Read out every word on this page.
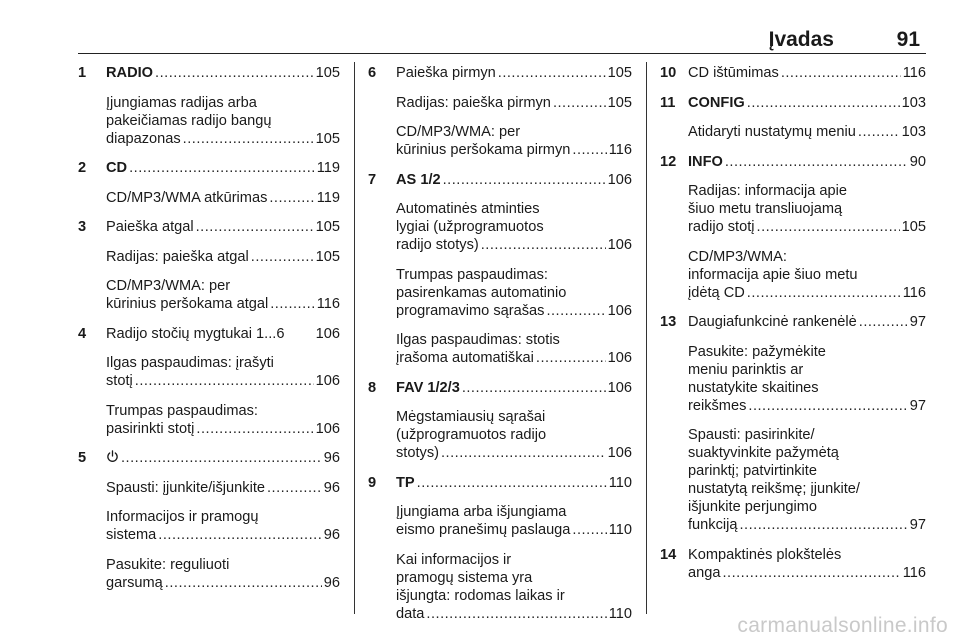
Įvadas	91
1 RADIO .....	105
Įjungiamas radijas arba
pakeičiamas radijo bangų
diapazonas .....	105
2 CD .....	119
CD/MP3/WMA atkūrimas .....	119
3 Paieška atgal .....	105
Radijas: paieška atgal .....	105
CD/MP3/WMA: per
kūrinius peršokama atgal .....	116
4 Radijo stočių mygtukai 1...6 106
Ilgas paspaudimas: įrašyti
stotį .....	106
Trumpas paspaudimas:
pasirinkti stotį .....	106
5 .....	96
Spausti: įjunkite/išjunkite .....	96
Informacijos ir pramogų
sistema .....	96
Pasukite: reguliuoti
garsumą .....	96
6 Paieška pirmyn .....	105
Radijas: paieška pirmyn .....	105
CD/MP3/WMA: per
kūrinius peršokama pirmyn .....	116
7 AS 1/2 .....	106
Automatinės atminties
lygiai (užprogramuotos
radijo stotys) .....	106
Trumpas paspaudimas:
pasirenkamas automatinio
programavimo sąrašas .....	106
Ilgas paspaudimas: stotis
įrašoma automatiškai .....	106
8 FAV 1/2/3 .....	106
Mėgstamiausių sąrašai
(užprogramuotos radijo
stotys) .....	106
9 TP .....	110
Įjungiama arba išjungiama
eismo pranešimų paslauga .....	110
Kai informacijos ir
pramogų sistema yra
išjungta: rodomas laikas ir
data .....	110
10 CD ištūmimas .....	116
11 CONFIG .....	103
Atidaryti nustatymų meniu .....	103
12 INFO .....	90
Radijas: informacija apie
šiuo metu transliuojamą
radijo stotį .....	105
CD/MP3/WMA:
informacija apie šiuo metu
įdėtą CD .....	116
13 Daugiafunkcinė rankenėlė .....	97
Pasukite: pažymėkite
meniu parinktis ar
nustatykite skaitines
reikšmes .....	97
Spausti: pasirinkite/
suaktyvinkite pažymėtą
parinktį; patvirtinkite
nustatytą reikšmę; įjunkite/
išjunkite perjungimo
funkciją .....	97
14 Kompaktinės plokštelės
anga .....	116
carmanualsonline.info
